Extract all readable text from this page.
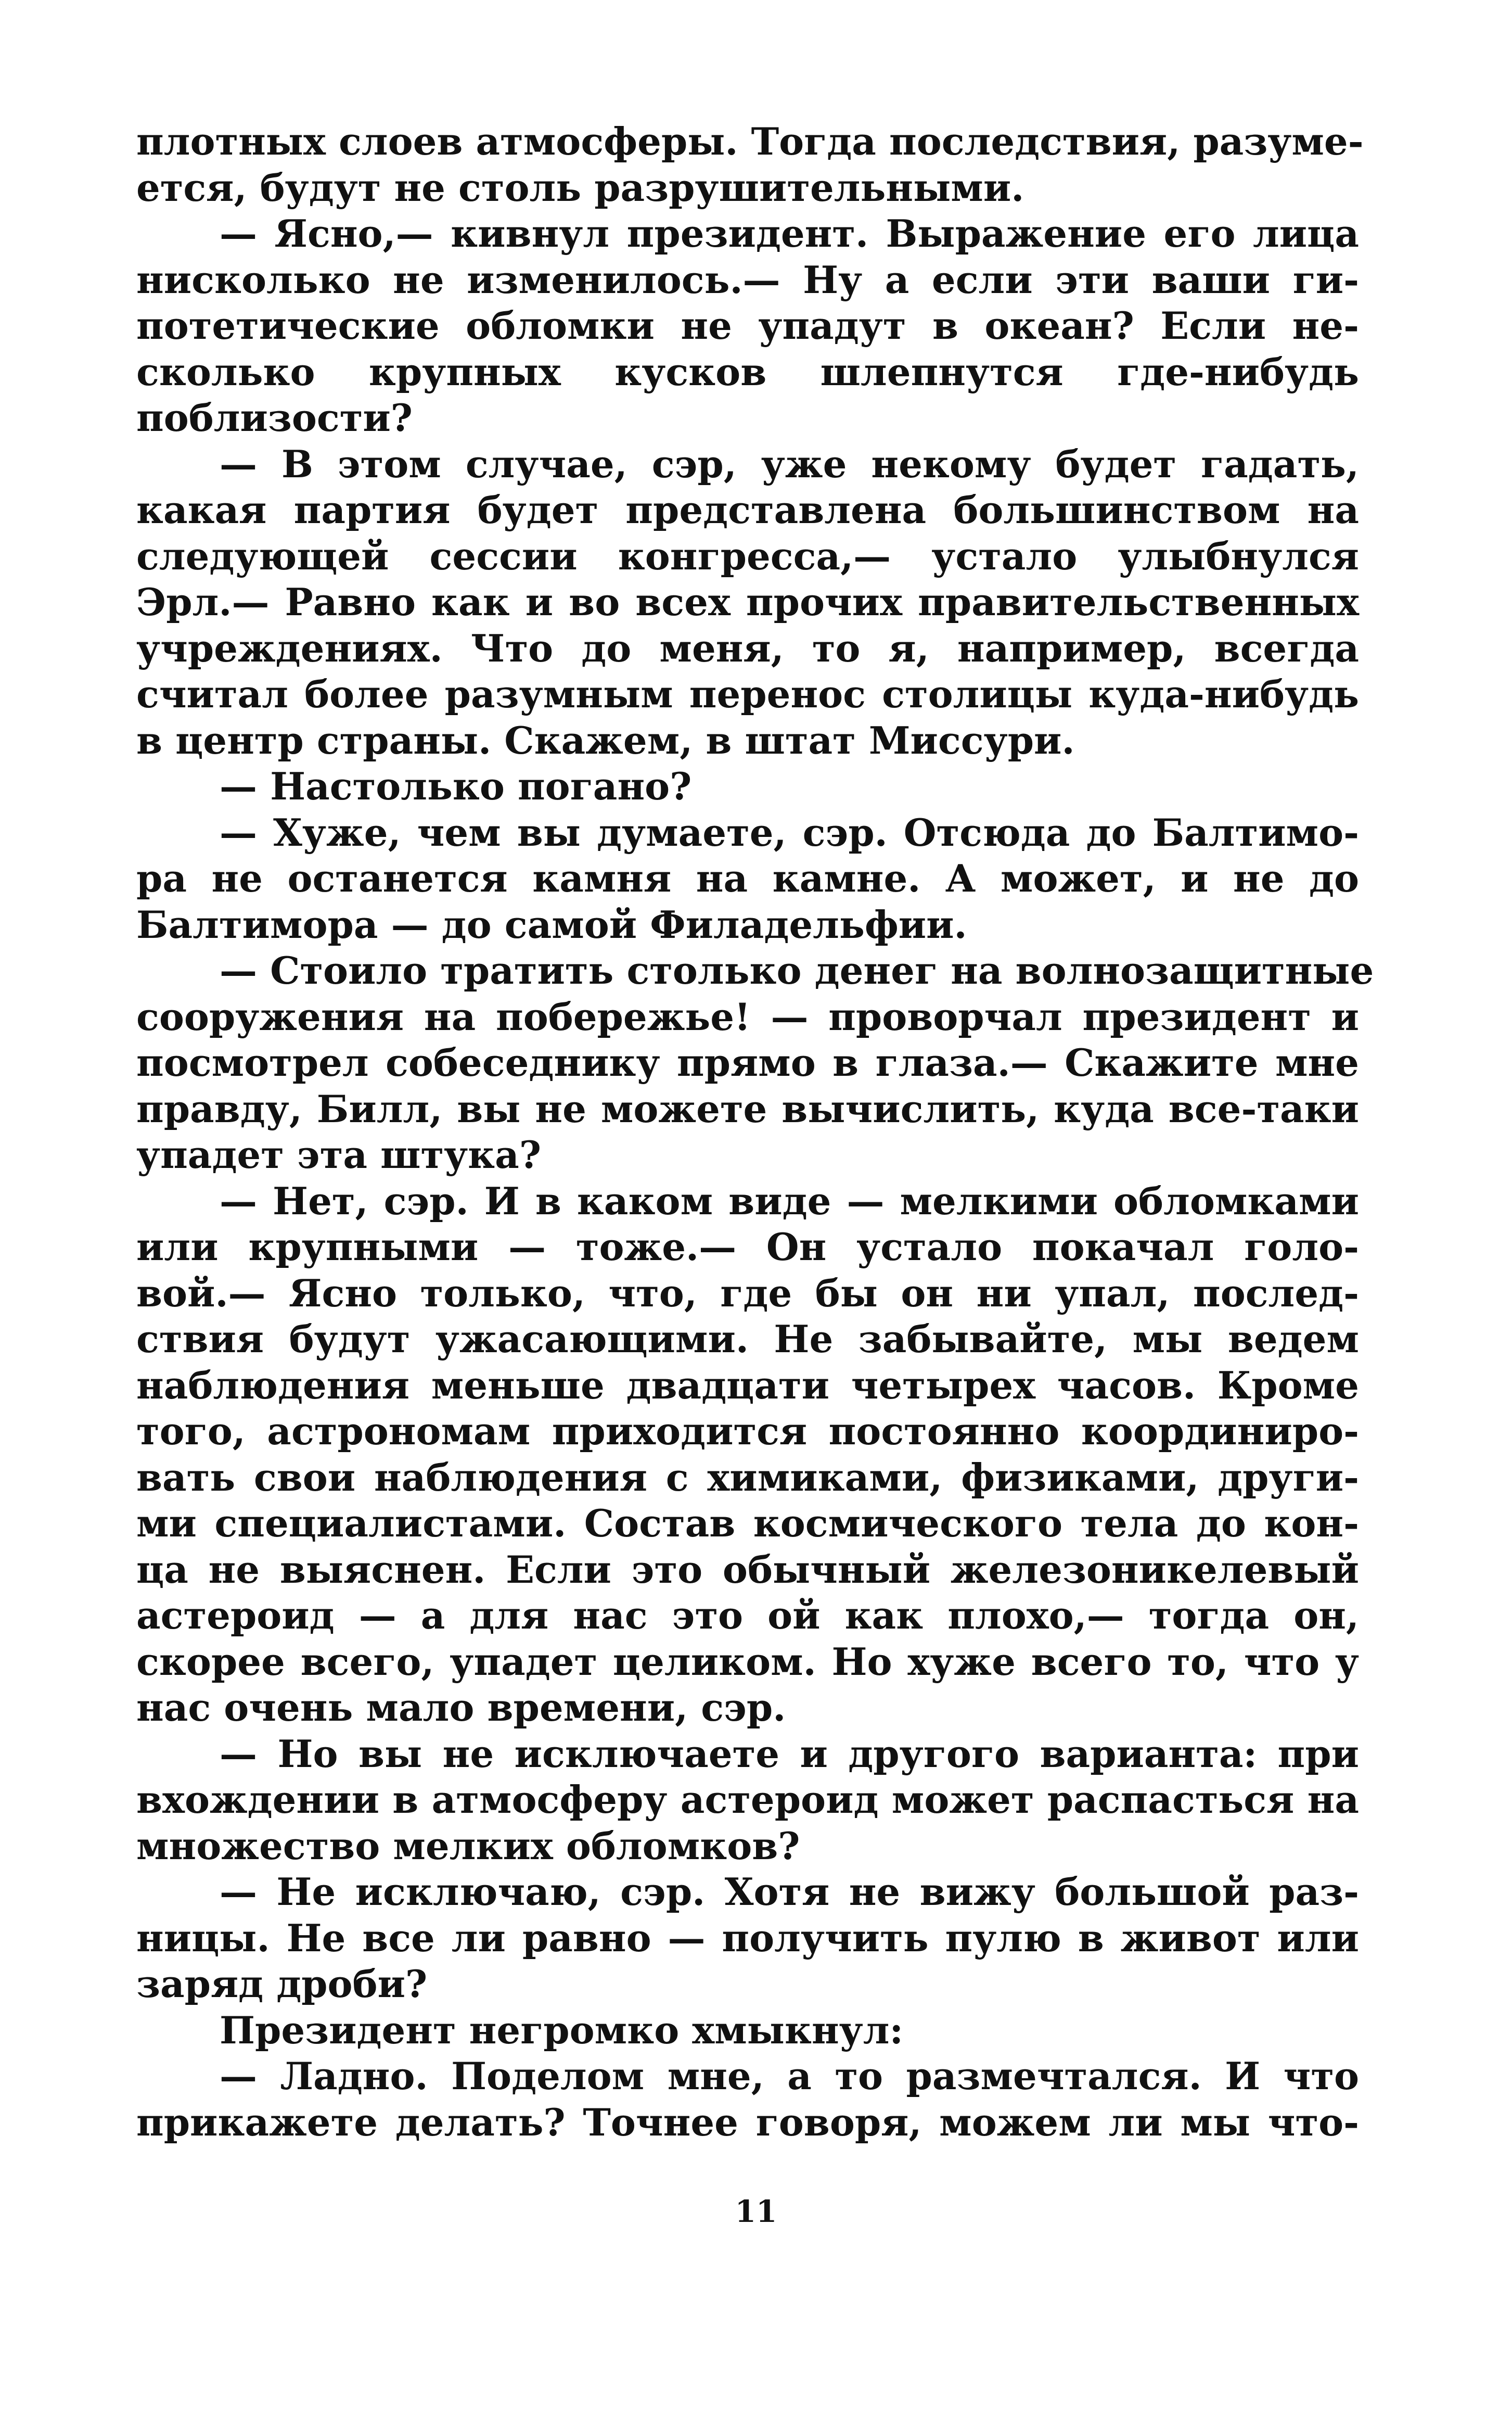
плотных слоев атмосферы. Тогда последствия, разуме-
ется, будут не столь разрушительными.
— Ясно,— кивнул президент. Выражение его лица
нисколько не изменилось.— Ну а если эти ваши ги-
потетические обломки не упадут в океан? Если не-
сколько крупных кусков шлепнутся где-нибудь
поблизости?
— В этом случае, сэр, уже некому будет гадать,
какая партия будет представлена большинством на
следующей сессии конгресса,— устало улыбнулся
Эрл.— Равно как и во всех прочих правительственных
учреждениях. Что до меня, то я, например, всегда
считал более разумным перенос столицы куда-нибудь
в центр страны. Скажем, в штат Миссури.
— Настолько погано?
— Хуже, чем вы думаете, сэр. Отсюда до Балтимо-
ра не останется камня на камне. А может, и не до
Балтимора — до самой Филадельфии.
— Стоило тратить столько денег на волнозащитные
сооружения на побережье! — проворчал президент и
посмотрел собеседнику прямо в глаза.— Скажите мне
правду, Билл, вы не можете вычислить, куда все-таки
упадет эта штука?
— Нет, сэр. И в каком виде — мелкими обломками
или крупными — тоже.— Он устало покачал голо-
вой.— Ясно только, что, где бы он ни упал, послед-
ствия будут ужасающими. Не забывайте, мы ведем
наблюдения меньше двадцати четырех часов. Кроме
того, астрономам приходится постоянно координиро-
вать свои наблюдения с химиками, физиками, други-
ми специалистами. Состав космического тела до кон-
ца не выяснен. Если это обычный железоникелевый
астероид — а для нас это ой как плохо,— тогда он,
скорее всего, упадет целиком. Но хуже всего то, что у
нас очень мало времени, сэр.
— Но вы не исключаете и другого варианта: при
вхождении в атмосферу астероид может распасться на
множество мелких обломков?
— Не исключаю, сэр. Хотя не вижу большой раз-
ницы. Не все ли равно — получить пулю в живот или
заряд дроби?
Президент негромко хмыкнул:
— Ладно. Поделом мне, а то размечтался. И что
прикажете делать? Точнее говоря, можем ли мы что-
11
